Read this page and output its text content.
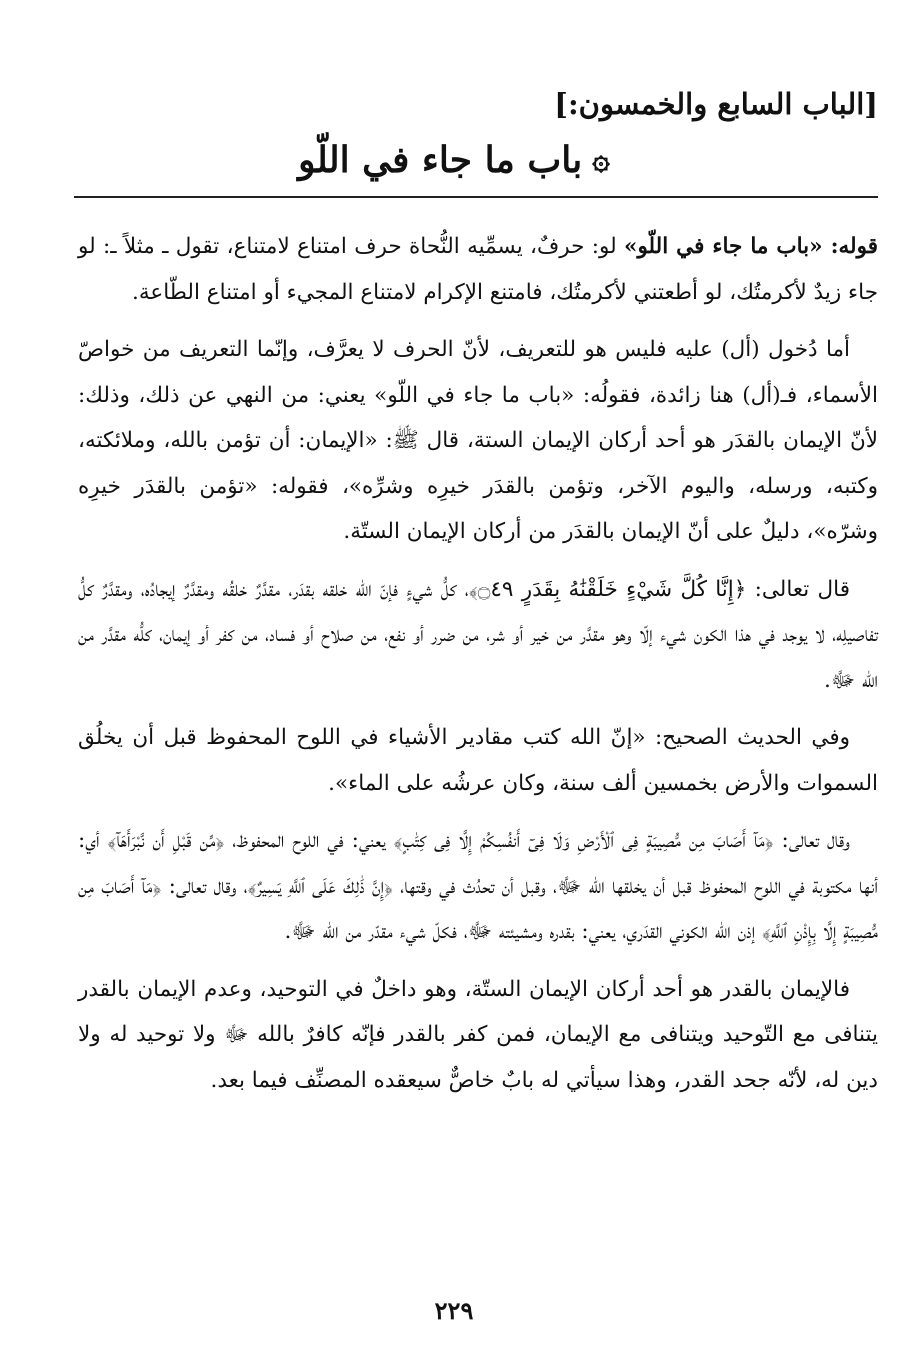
[الباب السابع والخمسون:]
۞باب ما جاء في اللّو

قوله: «باب ما جاء في اللّو» لو: حرفٌ، يسمِّيه النُّحاة حرف امتناع لامتناع، تقول ـ مثلاً ـ: لو جاء زيدٌ لأكرمتُك، لو أطعتني لأكرمتُك، فامتنع الإكرام لامتناع المجيء أو امتناع الطّاعة.

أما دُخول (أل) عليه فليس هو للتعريف، لأنّ الحرف لا يعرَّف، وإنّما التعريف من خواصّ الأسماء، فـ(أل) هنا زائدة، فقولُه: «باب ما جاء في اللّو» يعني: من النهي عن ذلك، وذلك: لأنّ الإيمان بالقدَر هو أحد أركان الإيمان الستة، قال ﷺ: «الإيمان: أن تؤمن بالله، وملائكته، وكتبه، ورسله، واليوم الآخر، وتؤمن بالقدَر خيرِه وشرِّه»، فقوله: «تؤمن بالقدَر خيرِه وشرّه»، دليلٌ على أنّ الإيمان بالقدَر من أركان الإيمان الستّة.

قال تعالى: ﴿إِنَّا كُلَّ شَيْءٍ خَلَقْنَٰهُ بِقَدَرٍ ۝٤٩﴾، كلُّ شيءٍ فإنّ الله خلقه بقدَر، مقدَّرٌ خلقُه ومقدَّرٌ إيجادُه، ومقدَّرٌ كلُّ تفاصيلِه، لا يوجد في هذا الكون شيء إلّا وهو مقدَّر من خير أو شر، من ضرر أو نفع، من صلاح أو فساد، من كفر أو إيمان، كلُّه مقدَّر من الله ﷻ.

وفي الحديث الصحيح: «إنّ الله كتب مقادير الأشياء في اللوح المحفوظ قبل أن يخلُق السموات والأرض بخمسين ألف سنة، وكان عرشُه على الماء».

وقال تعالى: ﴿مَآ أَصَابَ مِن مُّصِيبَةٍ فِى ٱلْأَرْضِ وَلَا فِىٓ أَنفُسِكُمْ إِلَّا فِى كِتَٰبٍ﴾ يعني: في اللوح المحفوظ، ﴿مِّن قَبْلِ أَن نَّبْرَأَهَآ﴾ أي: أنها مكتوبة في اللوح المحفوظ قبل أن يخلقها الله ﷻ، وقبل أن تحدُث في وقتها، ﴿إِنَّ ذَٰلِكَ عَلَى ٱللَّهِ يَسِيرٌ﴾، وقال تعالى: ﴿مَآ أَصَابَ مِن مُّصِيبَةٍ إِلَّا بِإِذْنِ ٱللَّهِ﴾ إذن الله الكوني القدَري، يعني: بقدره ومشيئته ﷻ، فكلّ شيء مقدّر من الله ﷻ.

فالإيمان بالقدر هو أحد أركان الإيمان الستّة، وهو داخلٌ في التوحيد، وعدم الإيمان بالقدر يتنافى مع التّوحيد ويتنافى مع الإيمان، فمن كفر بالقدر فإنّه كافرٌ بالله ﷻ ولا توحيد له ولا دين له، لأنّه جحد القدر، وهذا سيأتي له بابٌ خاصٌّ سيعقده المصنِّف فيما بعد.

٢٢٩
